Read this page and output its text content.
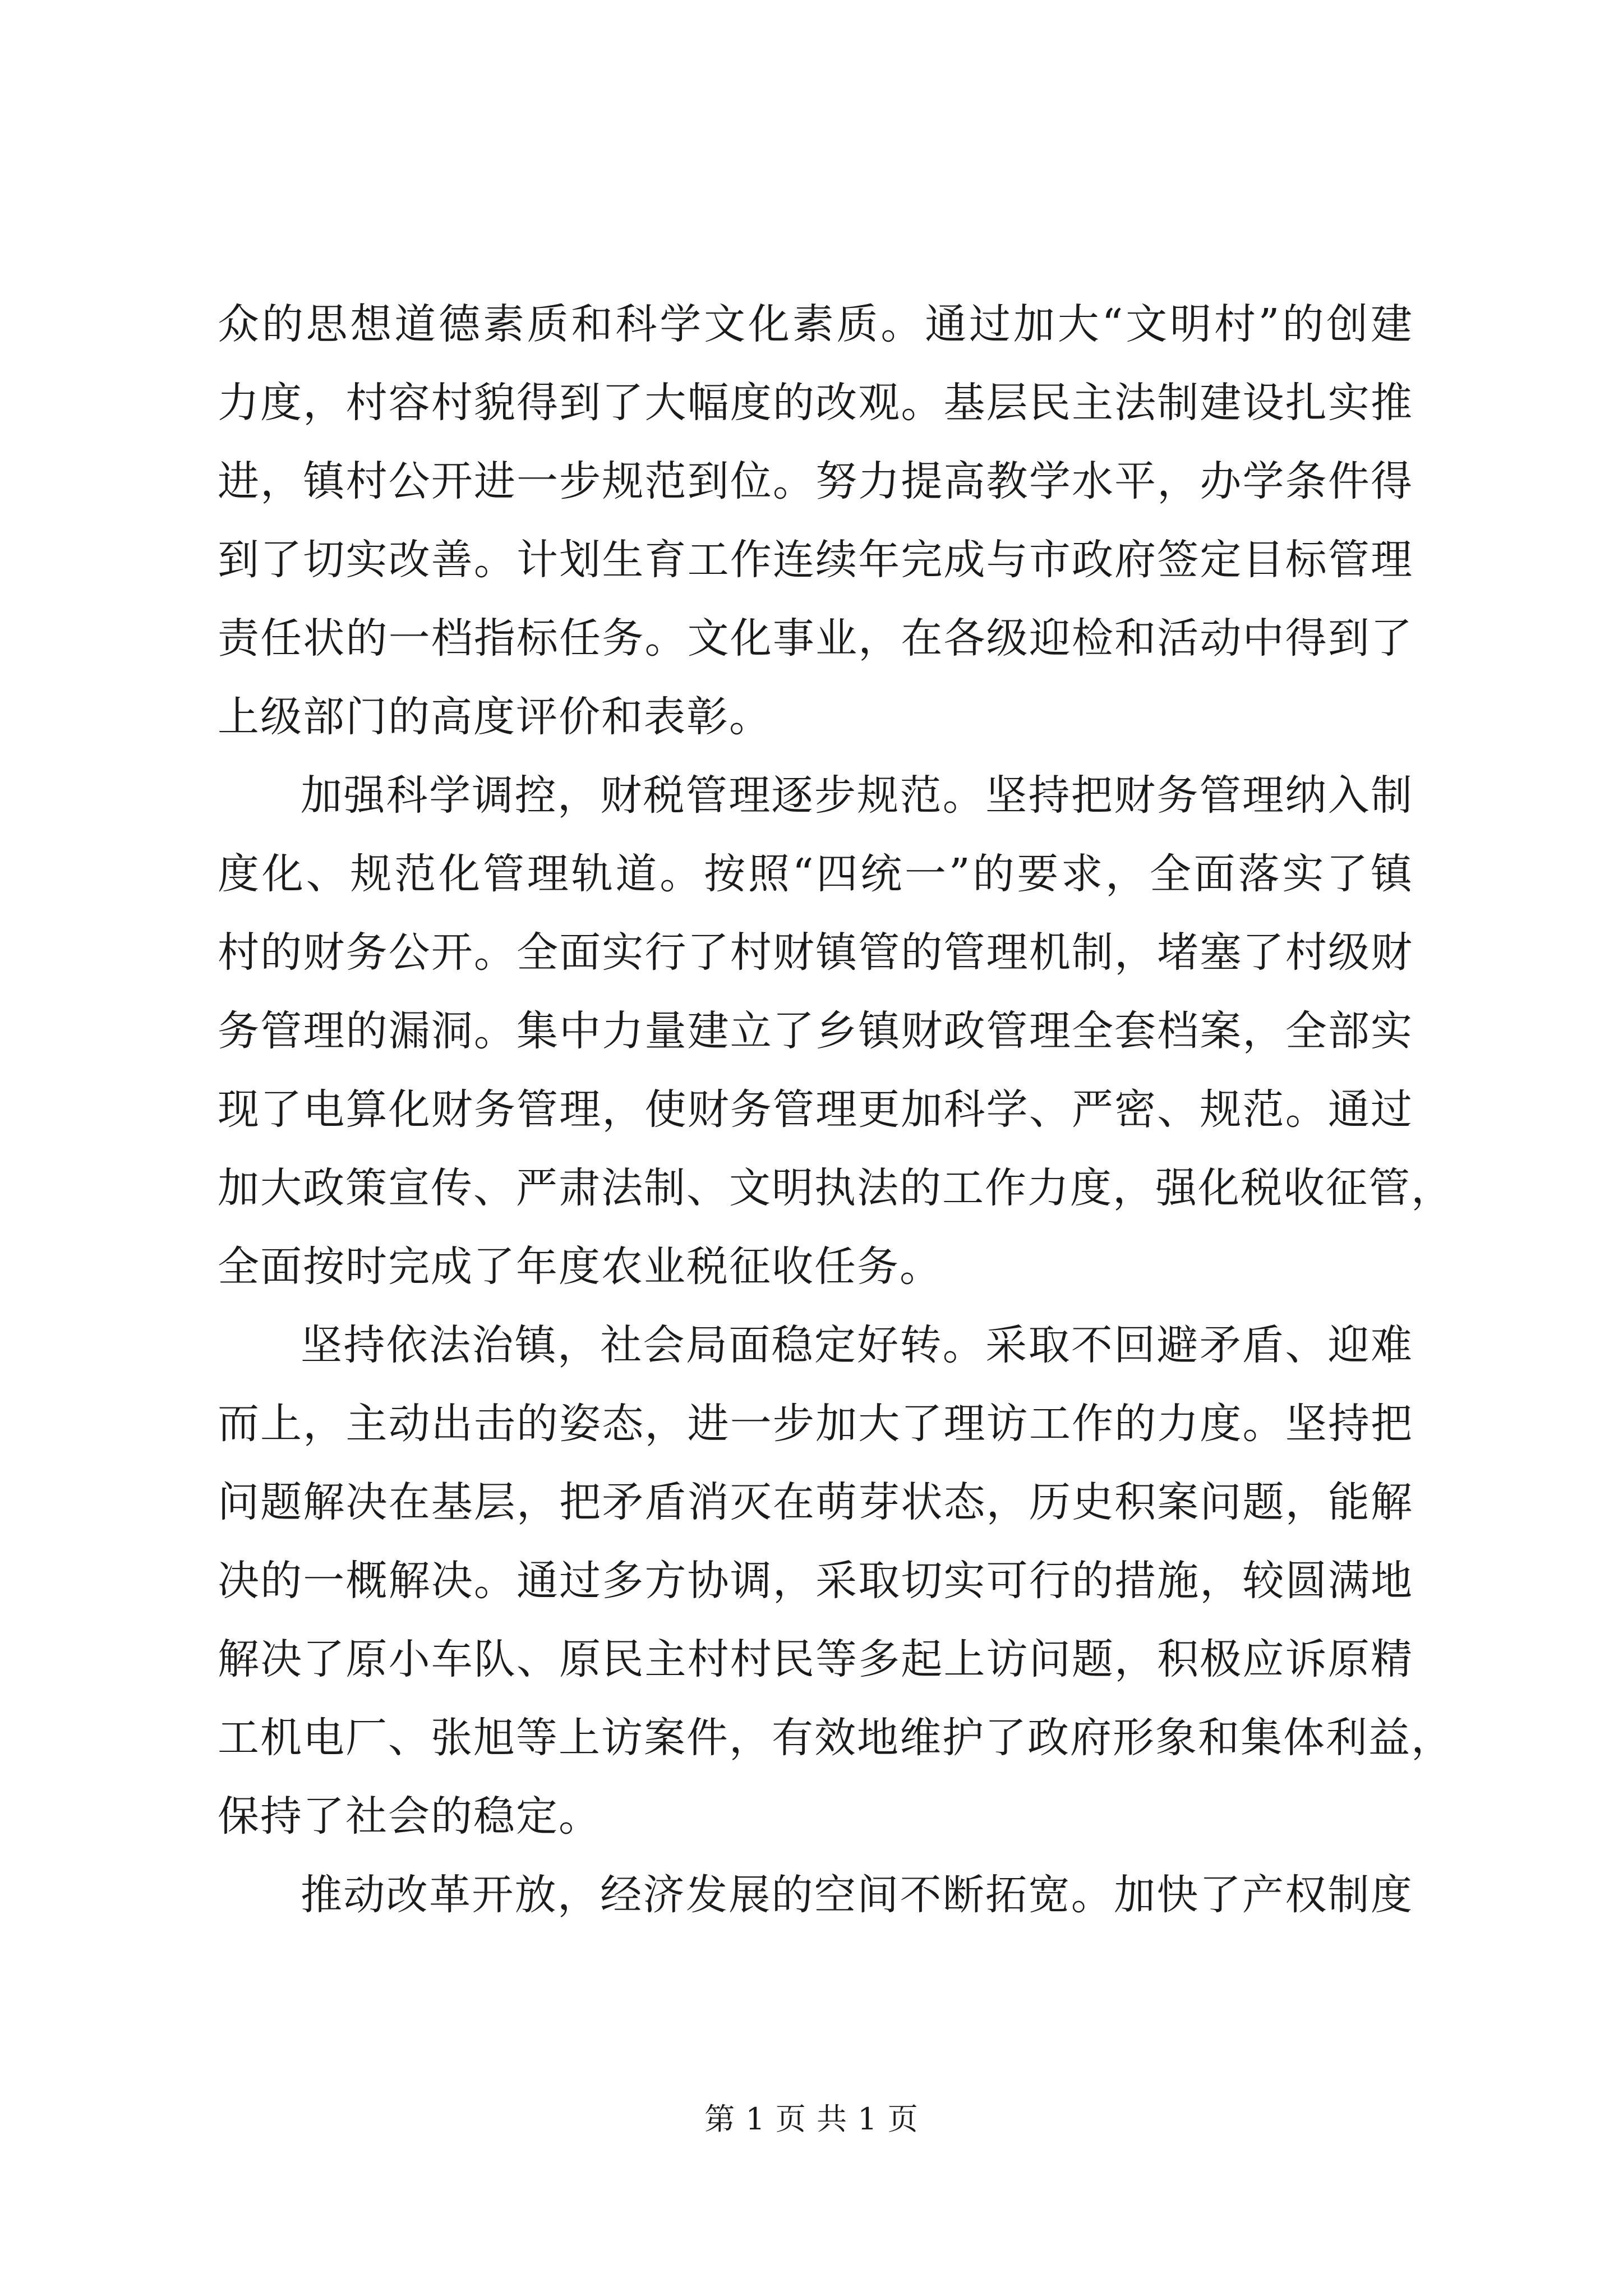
众的思想道德素质和科学文化素质。通过加大“文明村”的创建
力度，村容村貌得到了大幅度的改观。基层民主法制建设扎实推
进，镇村公开进一步规范到位。努力提高教学水平，办学条件得
到了切实改善。计划生育工作连续年完成与市政府签定目标管理
责任状的一档指标任务。文化事业，在各级迎检和活动中得到了
上级部门的高度评价和表彰。
加强科学调控，财税管理逐步规范。坚持把财务管理纳入制
度化、规范化管理轨道。按照“四统一”的要求，全面落实了镇
村的财务公开。全面实行了村财镇管的管理机制，堵塞了村级财
务管理的漏洞。集中力量建立了乡镇财政管理全套档案，全部实
现了电算化财务管理，使财务管理更加科学、严密、规范。通过
加大政策宣传、严肃法制、文明执法的工作力度，强化税收征管，
全面按时完成了年度农业税征收任务。
坚持依法治镇，社会局面稳定好转。采取不回避矛盾、迎难
而上，主动出击的姿态，进一步加大了理访工作的力度。坚持把
问题解决在基层，把矛盾消灭在萌芽状态，历史积案问题，能解
决的一概解决。通过多方协调，采取切实可行的措施，较圆满地
解决了原小车队、原民主村村民等多起上访问题，积极应诉原精
工机电厂、张旭等上访案件，有效地维护了政府形象和集体利益，
保持了社会的稳定。
推动改革开放，经济发展的空间不断拓宽。加快了产权制度
第 1 页 共 1 页
